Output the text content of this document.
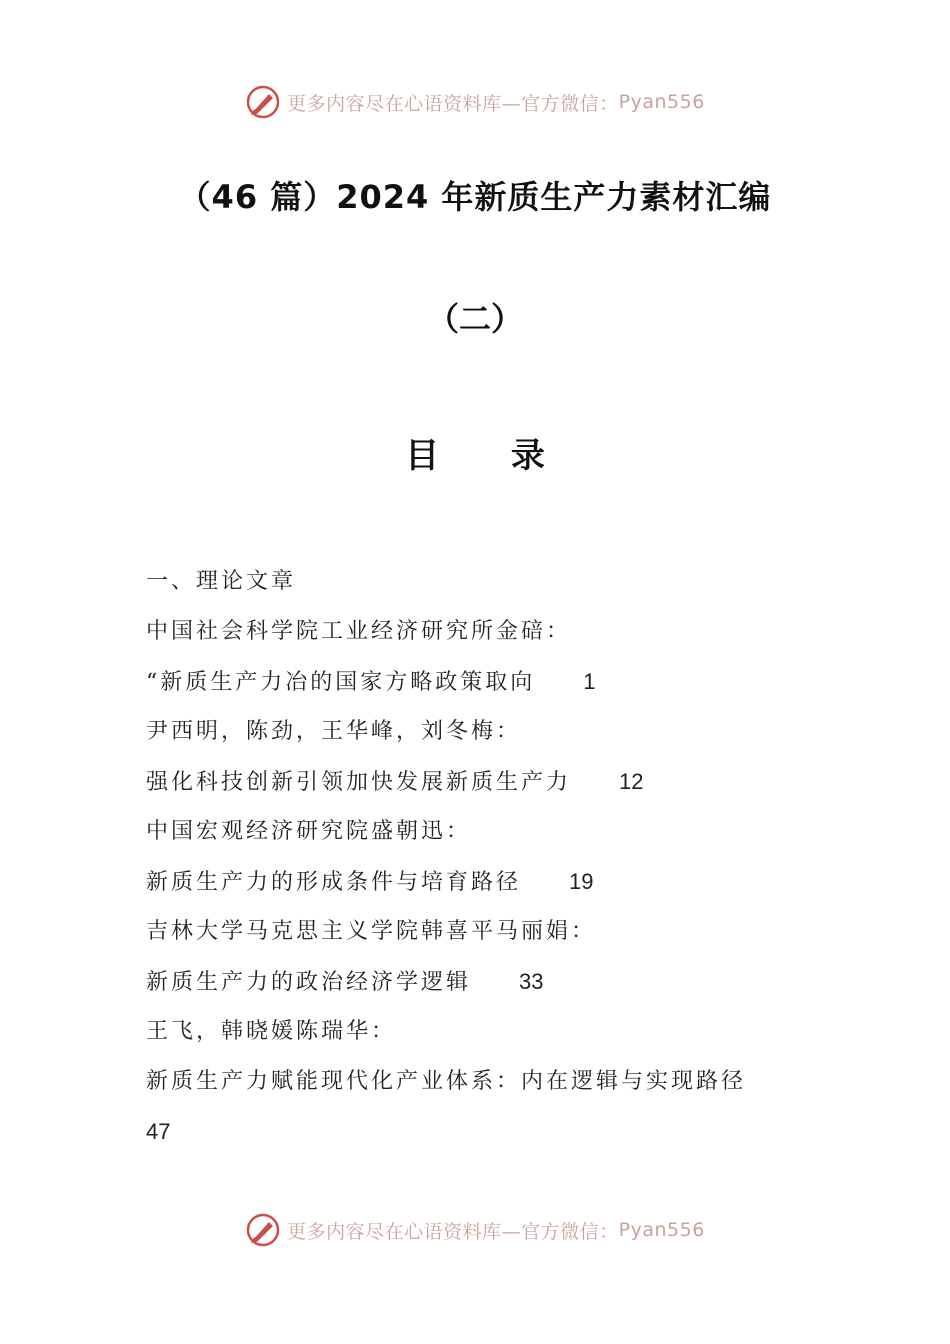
更多内容尽在心语资料库—官方微信： Pyan556
（46 篇）2024 年新质生产力素材汇编
（二）
目 录
一、理论文章
中国社会科学院工业经济研究所金碚：
“新质生产力冶的国家方略政策取向 1
尹西明，陈劲，王华峰，刘冬梅：
强化科技创新引领加快发展新质生产力 12
中国宏观经济研究院盛朝迅：
新质生产力的形成条件与培育路径 19
吉林大学马克思主义学院韩喜平马丽娟：
新质生产力的政治经济学逻辑 33
王飞，韩晓媛陈瑞华：
新质生产力赋能现代化产业体系：内在逻辑与实现路径
47
更多内容尽在心语资料库—官方微信： Pyan556
